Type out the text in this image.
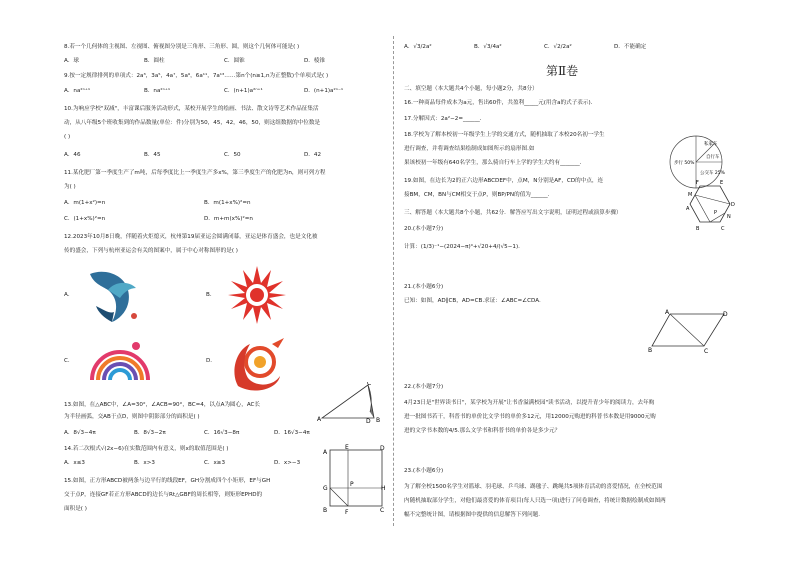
8.若一个几何体的主视图、左视图、俯视图分别是三角形、三角形、圆，则这个几何体可能是( )
A．球	B．圆柱	C．圆锥	D．棱锥
9.按一定规律排列的单项式：2a³，3a⁵，4a⁷，5a⁹，6a¹¹，7a¹³……第n个(n≥1,n为正整数)个单项式是( )
A．na²ⁿ⁺¹	B．na²ⁿ⁺¹	C．(n+1)a²ⁿ⁺¹	D．(n+1)a²ⁿ⁻¹
10.为响应学校"双减"，丰富课后服务活动形式，某校开展学生的绘画、书法、散文诗等艺术作品征集活
动，从八年级5个班收集到的作品数量(单位：件)分别为50，45，42，46，50，则这组数据的中位数是
( )
A．46	B．45	C．50	D．42
11.某化肥厂第一季度生产了m吨，后每季度比上一季度生产多x%，第三季度生产的化肥为n，则可列方程
为( )
A．m(1+x²)=n	B．m(1+x%)²=n
C．(1+x%)²=n	D．m+m(x%)²=n
12.2023年10月8日晚，伴随着火炬熄灭，杭州第19届亚运会圆满闭幕，亚运是体育盛会，也是文化被
传的盛会，下列与杭州亚运会有关的图案中，属于中心对称图形的是( )
A．	B．
C．	D．
13.如图，在△ABC中，∠A=30°，∠ACB=90°，BC=4，以点A为圆心，AC长
为半径画弧，交AB于点D，则图中阴影部分的面积是( )
A．8√3−4π	B．8√3−2π	C．16√3−8π	D．16√3−4π
A	B
C
D
14.若二次根式√(2x−6)在实数范围内有意义，则x的取值范围是( )
A．x≤3	B．x>3	C．x≥3	D．x>−3
15.如图，正方形ABCD被两条与边平行的线段EF，GH分割成四个小矩形，EF与GH
交于点P，连接GF若正方形ABCD的边长与Rt△GBF的周长相等，则矩形EPHD的
面积是( )
A
B	C
D
E
F
G	H
P
A．√3/2a²	B．√3/4a²	C．√2/2a²	D．不能确定
第Ⅱ卷
二、填空题（本大题共4个小题，每小题2分，共8分）
16.一种商品每件成本为a元，售出60件，共盈利_____元(用含a的式子表示)．
17.分解因式：2a²−2=______．
18.学校为了解本校初一年级学生上学的交通方式，随机抽取了本校20名初一学生
进行调查，并将调查结果绘制成如图所示的扇形图.如
果该校初一年级有640名学生，那么骑自行车上学的学生大约有_______．
私家车
自行车
公交车 25%
步行 50%
19.如图，在边长为2的正六边形ABCDEF中，点M，N分别是AF，CD的中点，连
接BM，CM，BN与CM相交于点P，则BP/PN的值为______.
F	E
D
C
B
A
M
N
P
三、解答题（本大题共8个小题，共62分．解答应写出文字说明，证明过程或演算步骤）
20.(本小题7分)
计算：(1/3)⁻¹−(2024−π)⁰+√20+4/(√5−1).
21.(本小题6分)
已知：如图，AD∥CB，AD=CB.求证：∠ABC=∠CDA.
A
B	C
D
22.(本小题7分)
4月23日是"世界读书日"，某学校为开展"让书香溢满校园"读书活动，以提升青少年的阅读力，去年购
进一批图书若干，科普书的单价比文学书的单价多12元，用12000元购进的科普书本数是用9000元购
进的文学书本数的4/5.那么文学书和科普书的单价各是多少元？
23.(本小题6分)
为了解全校1500名学生对篮球、羽毛球、乒乓球、踢毽子、跳绳共5项体育活动的喜爱情况，在全校范围
内随机抽取部分学生，对他们最喜爱的体育项目(每人只选一项)进行了问卷调查，将统计数据绘制成如图两
幅不完整统计图，请根据图中提供的信息解答下列问题.
